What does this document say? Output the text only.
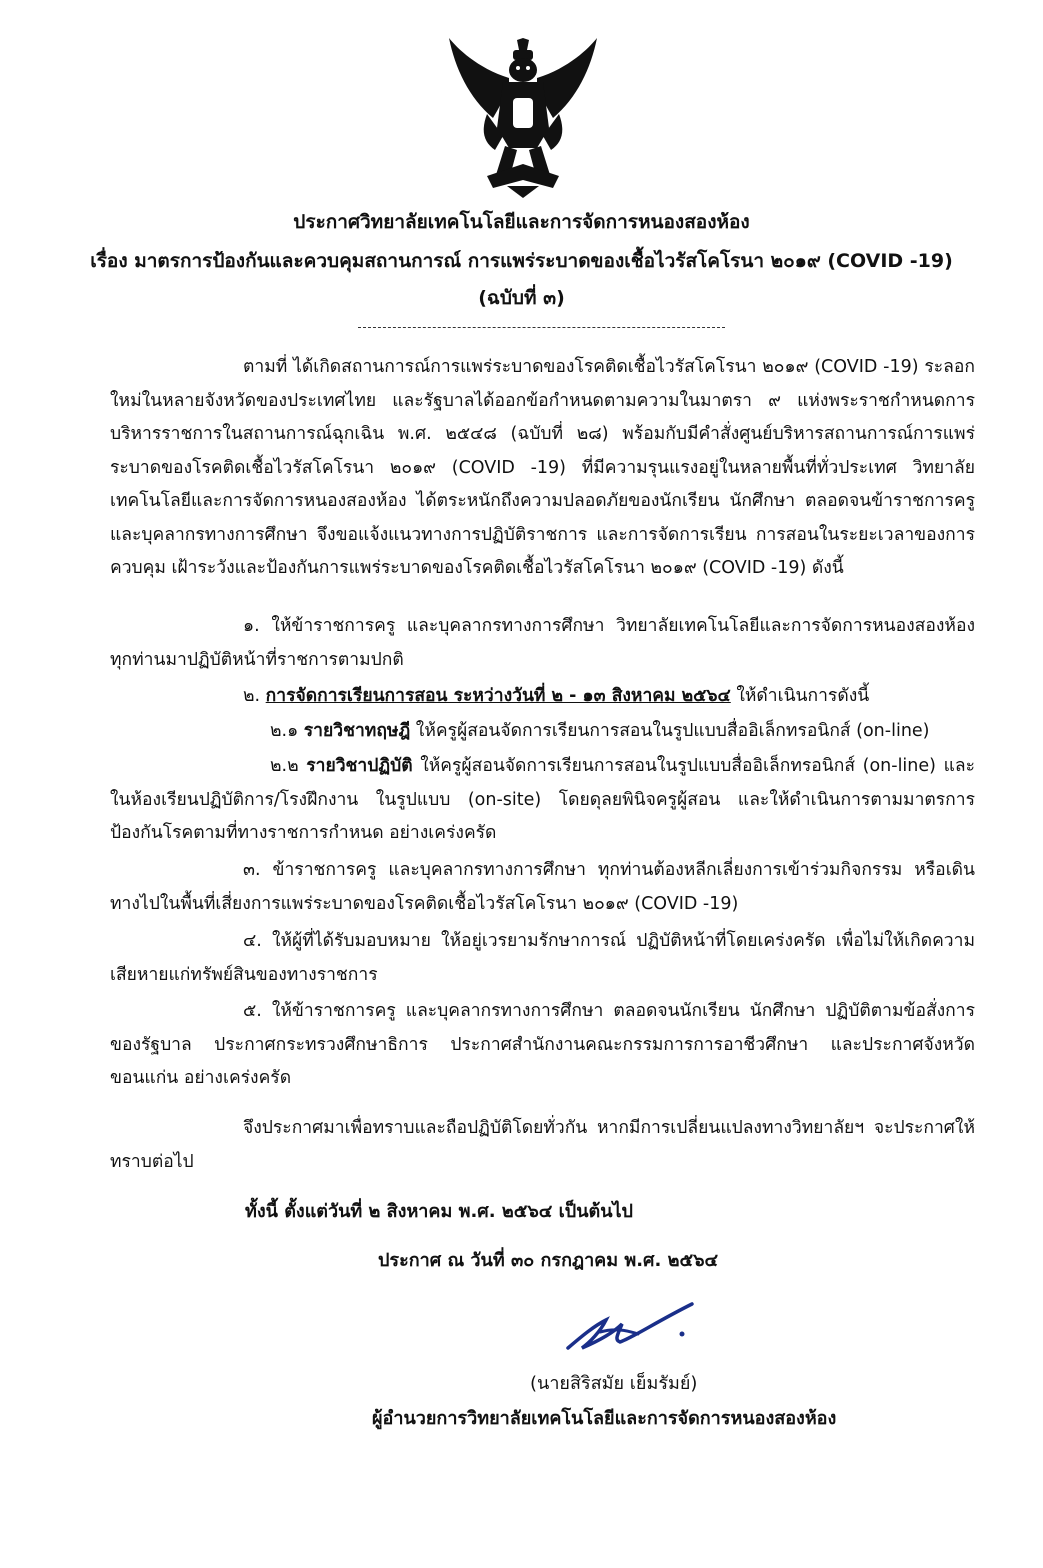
ประกาศวิทยาลัยเทคโนโลยีและการจัดการหนองสองห้อง
เรื่อง มาตรการป้องกันและควบคุมสถานการณ์ การแพร่ระบาดของเชื้อไวรัสโคโรนา ๒๐๑๙ (COVID -19)
(ฉบับที่ ๓)

ตามที่ ได้เกิดสถานการณ์การแพร่ระบาดของโรคติดเชื้อไวรัสโคโรนา ๒๐๑๙ (COVID -19) ระลอกใหม่ในหลายจังหวัดของประเทศไทย และรัฐบาลได้ออกข้อกำหนดตามความในมาตรา ๙ แห่งพระราชกำหนดการบริหารราชการในสถานการณ์ฉุกเฉิน พ.ศ. ๒๕๔๘ (ฉบับที่ ๒๘) พร้อมกับมีคำสั่งศูนย์บริหารสถานการณ์การแพร่ระบาดของโรคติดเชื้อไวรัสโคโรนา ๒๐๑๙ (COVID -19) ที่มีความรุนแรงอยู่ในหลายพื้นที่ทั่วประเทศ วิทยาลัยเทคโนโลยีและการจัดการหนองสองห้อง ได้ตระหนักถึงความปลอดภัยของนักเรียน นักศึกษา ตลอดจนข้าราชการครู และบุคลากรทางการศึกษา จึงขอแจ้งแนวทางการปฏิบัติราชการ และการจัดการเรียน การสอนในระยะเวลาของการควบคุม เฝ้าระวังและป้องกันการแพร่ระบาดของโรคติดเชื้อไวรัสโคโรนา ๒๐๑๙ (COVID -19) ดังนี้

๑. ให้ข้าราชการครู และบุคลากรทางการศึกษา วิทยาลัยเทคโนโลยีและการจัดการหนองสองห้องทุกท่านมาปฏิบัติหน้าที่ราชการตามปกติ

๒. การจัดการเรียนการสอน ระหว่างวันที่ ๒ - ๑๓ สิงหาคม ๒๕๖๔ ให้ดำเนินการดังนี้

๒.๑ รายวิชาทฤษฎี ให้ครูผู้สอนจัดการเรียนการสอนในรูปแบบสื่ออิเล็กทรอนิกส์ (on-line)

๒.๒ รายวิชาปฏิบัติ ให้ครูผู้สอนจัดการเรียนการสอนในรูปแบบสื่ออิเล็กทรอนิกส์ (on-line) และในห้องเรียนปฏิบัติการ/โรงฝึกงาน ในรูปแบบ (on-site) โดยดุลยพินิจครูผู้สอน และให้ดำเนินการตามมาตรการป้องกันโรคตามที่ทางราชการกำหนด อย่างเคร่งครัด

๓. ข้าราชการครู และบุคลากรทางการศึกษา ทุกท่านต้องหลีกเลี่ยงการเข้าร่วมกิจกรรม หรือเดินทางไปในพื้นที่เสี่ยงการแพร่ระบาดของโรคติดเชื้อไวรัสโคโรนา ๒๐๑๙ (COVID -19)

๔. ให้ผู้ที่ได้รับมอบหมาย ให้อยู่เวรยามรักษาการณ์ ปฏิบัติหน้าที่โดยเคร่งครัด เพื่อไม่ให้เกิดความเสียหายแก่ทรัพย์สินของทางราชการ

๕. ให้ข้าราชการครู และบุคลากรทางการศึกษา ตลอดจนนักเรียน นักศึกษา ปฏิบัติตามข้อสั่งการของรัฐบาล ประกาศกระทรวงศึกษาธิการ ประกาศสำนักงานคณะกรรมการการอาชีวศึกษา และประกาศจังหวัดขอนแก่น อย่างเคร่งครัด

จึงประกาศมาเพื่อทราบและถือปฏิบัติโดยทั่วกัน หากมีการเปลี่ยนแปลงทางวิทยาลัยฯ จะประกาศให้ทราบต่อไป

ทั้งนี้ ตั้งแต่วันที่ ๒ สิงหาคม พ.ศ. ๒๕๖๔ เป็นต้นไป
ประกาศ ณ วันที่ ๓๐ กรกฎาคม พ.ศ. ๒๕๖๔
(นายสิริสมัย เย็มรัมย์)
ผู้อำนวยการวิทยาลัยเทคโนโลยีและการจัดการหนองสองห้อง
